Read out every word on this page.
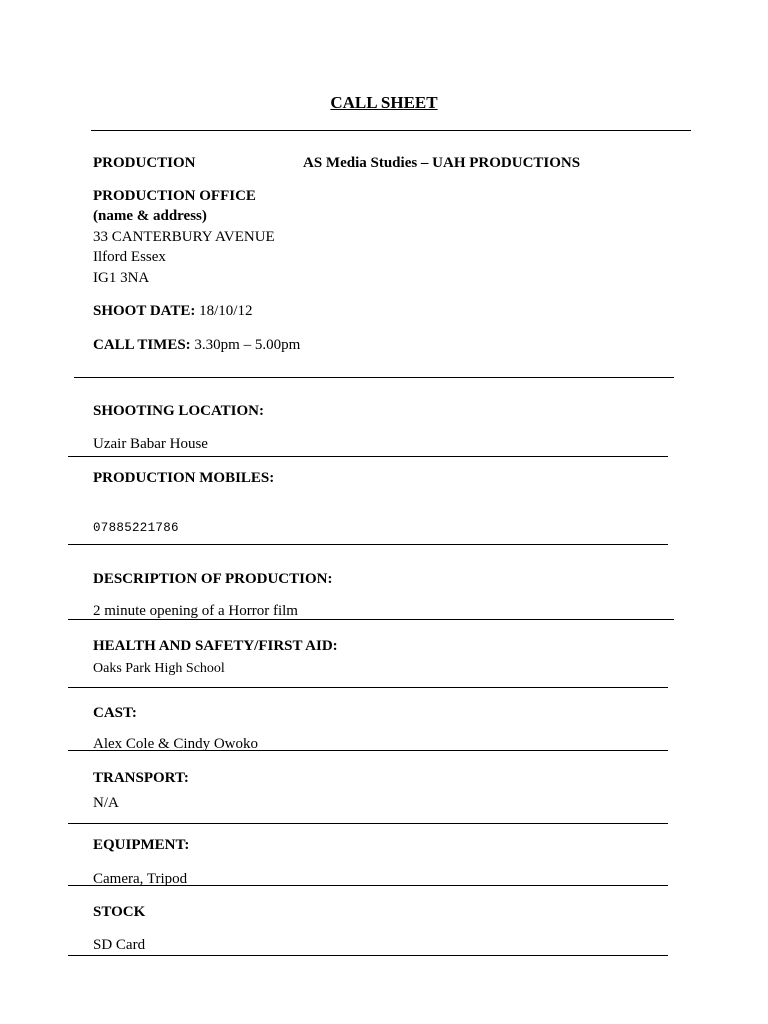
CALL SHEET
PRODUCTION	AS Media Studies – UAH PRODUCTIONS
PRODUCTION OFFICE
(name & address)
33 CANTERBURY AVENUE
Ilford Essex
IG1 3NA
SHOOT DATE: 18/10/12
CALL TIMES: 3.30pm – 5.00pm
SHOOTING LOCATION:
Uzair Babar House
PRODUCTION MOBILES:
07885221786
DESCRIPTION OF PRODUCTION:
2 minute opening of a Horror film
HEALTH AND SAFETY/FIRST AID:
Oaks Park High School
CAST:
Alex Cole & Cindy Owoko
TRANSPORT:
N/A
EQUIPMENT:
Camera, Tripod
STOCK
SD Card
